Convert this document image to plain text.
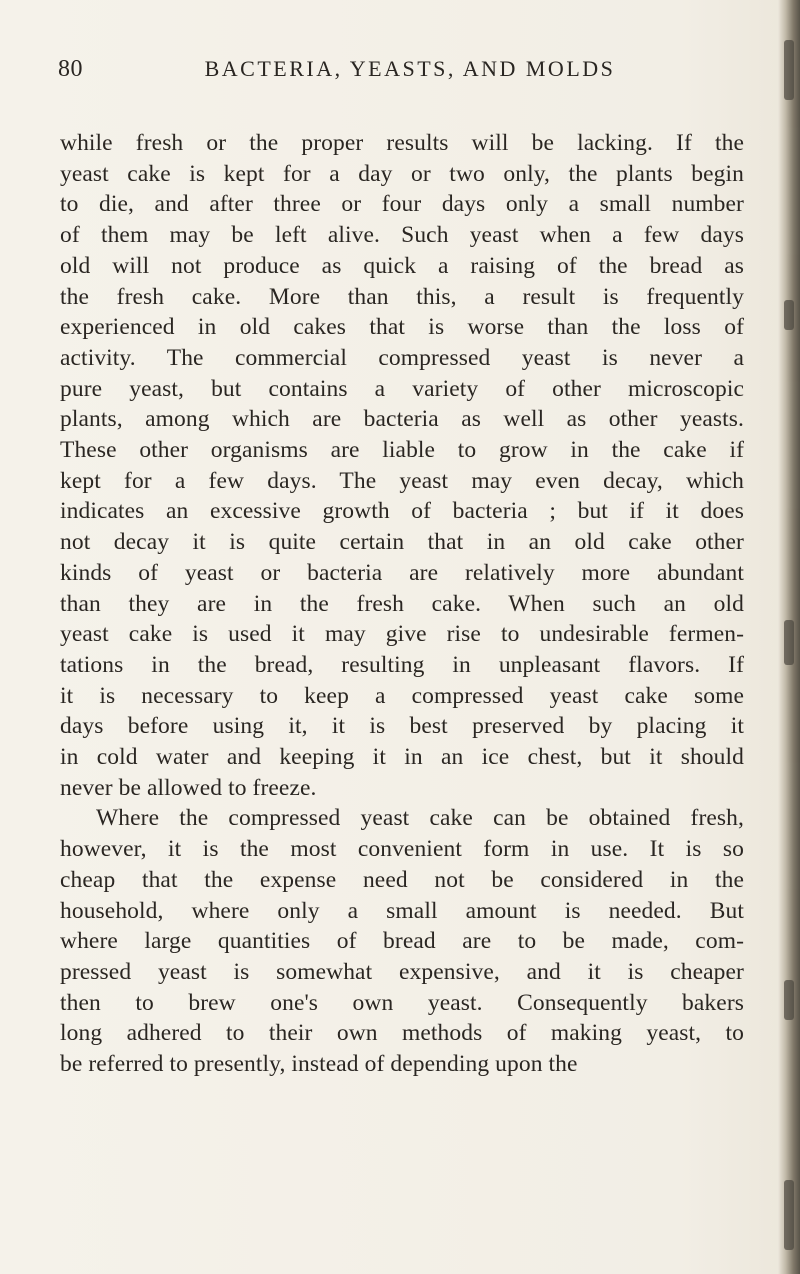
80	BACTERIA, YEASTS, AND MOLDS
while fresh or the proper results will be lacking. If the
yeast cake is kept for a day or two only, the plants begin
to die, and after three or four days only a small number
of them may be left alive. Such yeast when a few days
old will not produce as quick a raising of the bread as
the fresh cake. More than this, a result is frequently
experienced in old cakes that is worse than the loss of
activity. The commercial compressed yeast is never a
pure yeast, but contains a variety of other microscopic
plants, among which are bacteria as well as other yeasts.
These other organisms are liable to grow in the cake if
kept for a few days. The yeast may even decay, which
indicates an excessive growth of bacteria ; but if it does
not decay it is quite certain that in an old cake other
kinds of yeast or bacteria are relatively more abundant
than they are in the fresh cake. When such an old
yeast cake is used it may give rise to undesirable fermen-
tations in the bread, resulting in unpleasant flavors. If
it is necessary to keep a compressed yeast cake some
days before using it, it is best preserved by placing it
in cold water and keeping it in an ice chest, but it should
never be allowed to freeze.
Where the compressed yeast cake can be obtained fresh,
however, it is the most convenient form in use. It is so
cheap that the expense need not be considered in the
household, where only a small amount is needed. But
where large quantities of bread are to be made, com-
pressed yeast is somewhat expensive, and it is cheaper
then to brew one's own yeast. Consequently bakers
long adhered to their own methods of making yeast, to
be referred to presently, instead of depending upon the
